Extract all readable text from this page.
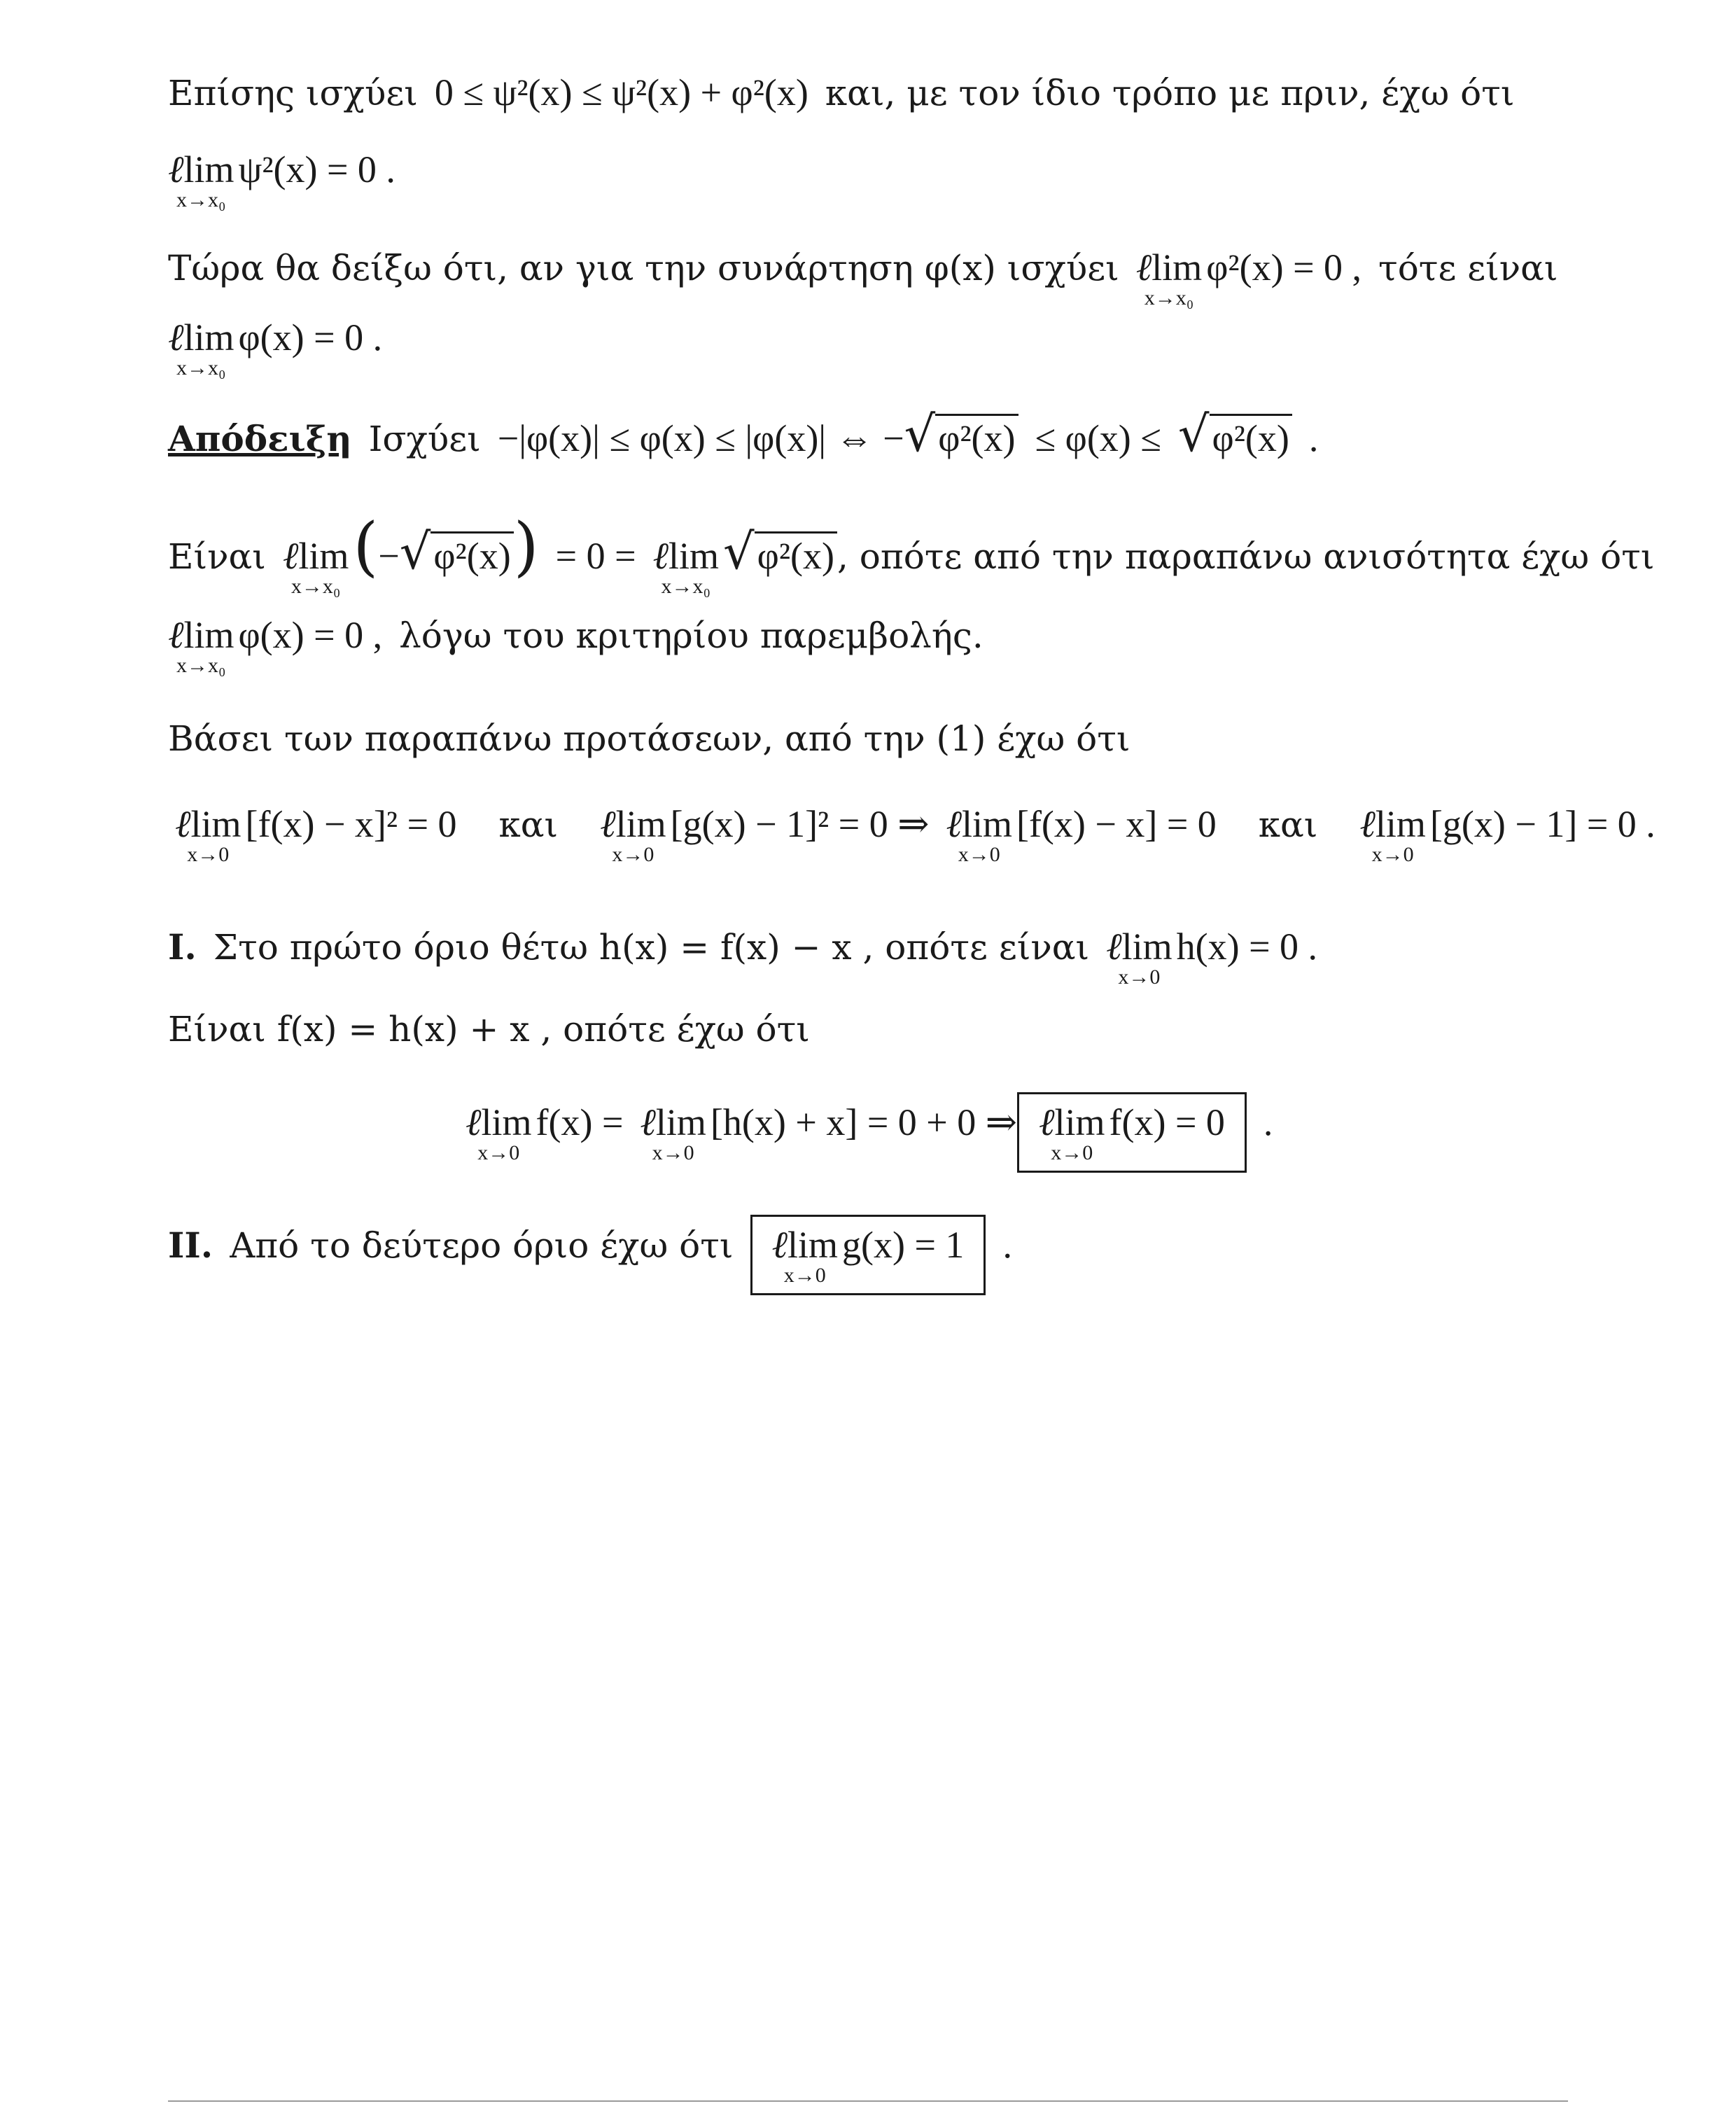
Επίσης ισχύει 0 ≤ ψ²(x) ≤ ψ²(x) + φ²(x) και, με τον ίδιο τρόπο με πριν, έχω ότι
ℓlim
x→x₀
ψ²(x) = 0 .
Τώρα θα δείξω ότι, αν για την συνάρτηση φ(x) ισχύει ℓlim
x→x₀
φ²(x) = 0 , τότε είναι
ℓlim
x→x₀
φ(x) = 0 .
Απόδειξη Ισχύει −|φ(x)| ≤ φ(x) ≤ |φ(x)| ⇔ − √ φ²(x) ≤ φ(x) ≤ √ φ²(x) .
Είναι ℓlim
x→x₀
( − √ φ²(x) ) = 0 = ℓlim
x→x₀
√ φ²(x) , οπότε από την παραπάνω ανισότητα έχω ότι
ℓlim
x→x₀
φ(x) = 0 , λόγω του κριτηρίου παρεμβολής.
Βάσει των παραπάνω προτάσεων, από την (1) έχω ότι
ℓlim
x→0
[f(x) − x]² = 0 και ℓlim
x→0
[g(x) − 1]² = 0 ⇒ ℓlim
x→0
[f(x) − x] = 0 και ℓlim
x→0
[g(x) − 1] = 0 .
I. Στο πρώτο όριο θέτω h(x) = f(x) − x , οπότε είναι ℓlim
x→0
h(x) = 0 .
Είναι f(x) = h(x) + x , οπότε έχω ότι
ℓlim
x→0
f(x) = ℓlim
x→0
[h(x) + x] = 0 + 0 ⇒ ℓlim
x→0
f(x) = 0 .
II. Από το δεύτερο όριο έχω ότι ℓlim
x→0
g(x) = 1 .
